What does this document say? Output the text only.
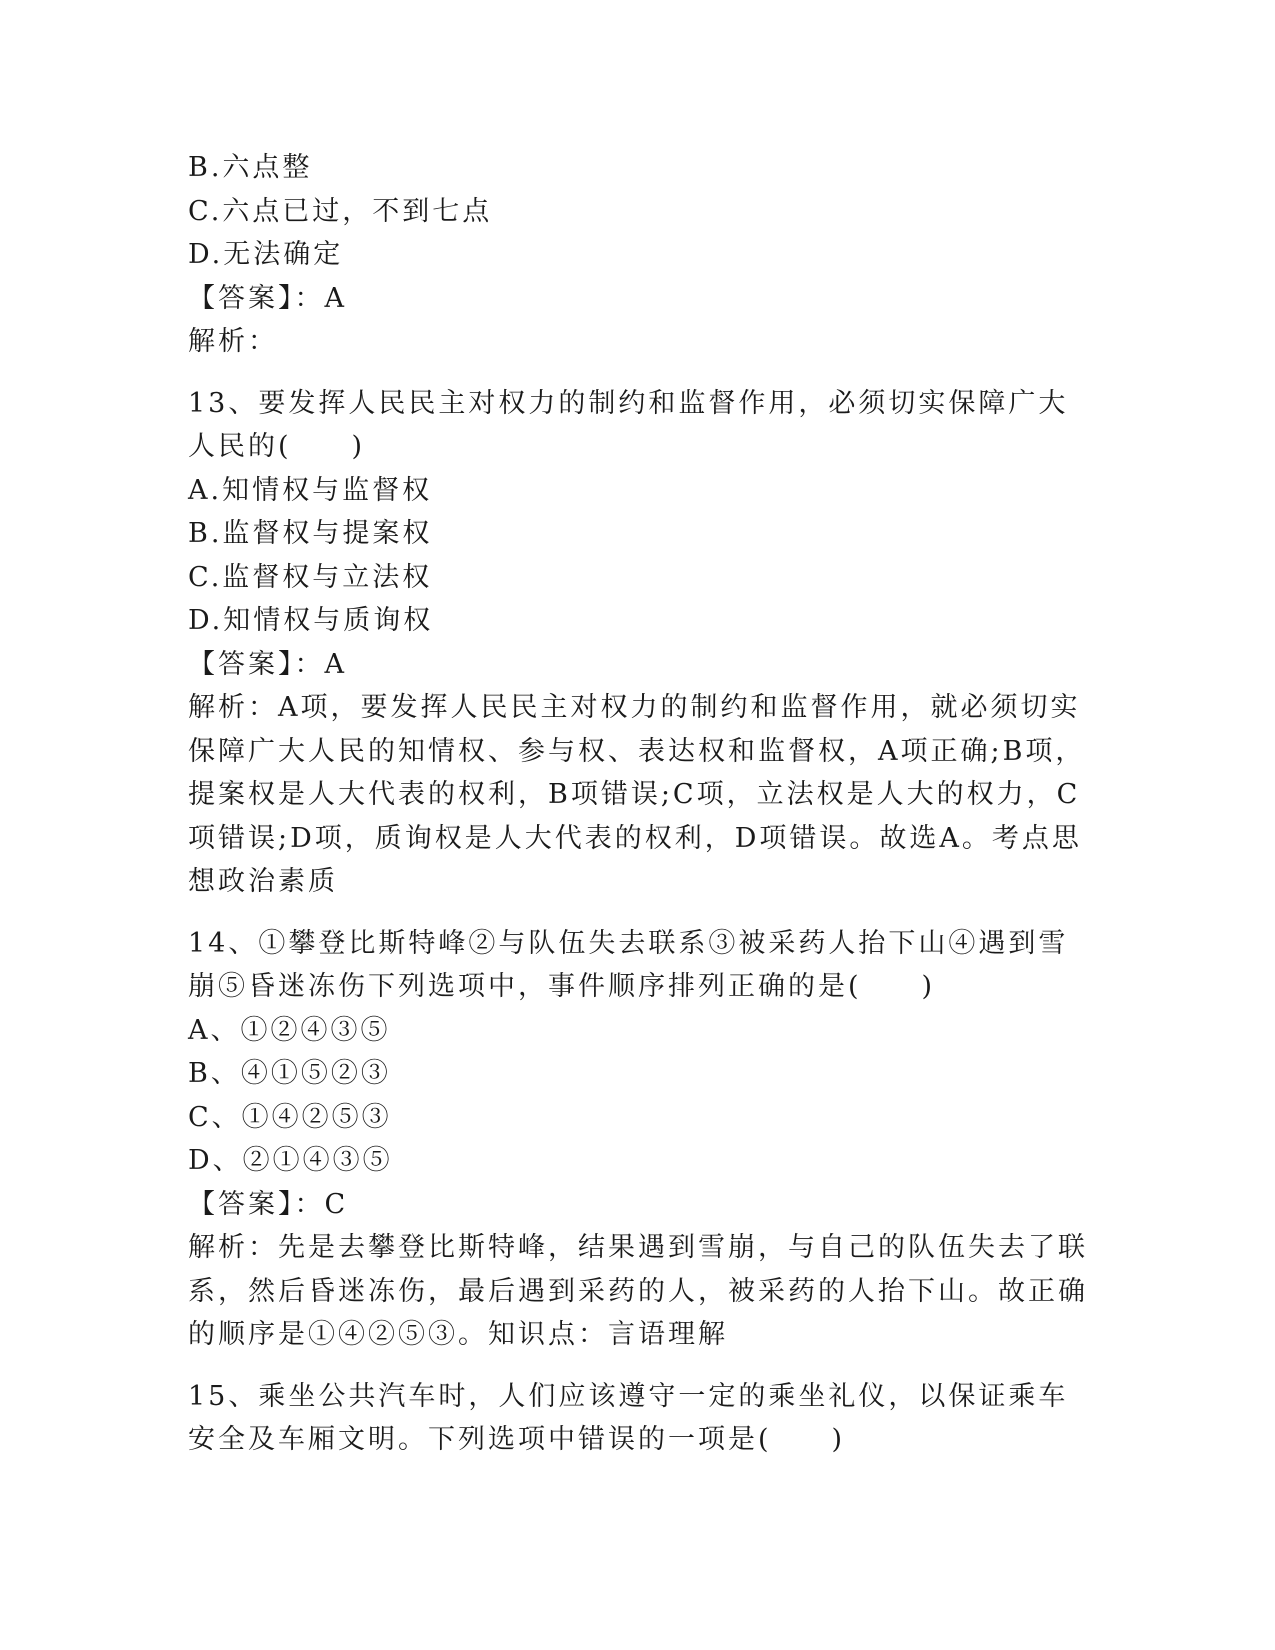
B.六点整
C.六点已过，不到七点
D.无法确定
【答案】：A
解析：

13、要发挥人民民主对权力的制约和监督作用，必须切实保障广大人民的(　　)

A.知情权与监督权
B.监督权与提案权
C.监督权与立法权
D.知情权与质询权
【答案】：A

解析：A项，要发挥人民民主对权力的制约和监督作用，就必须切实保障广大人民的知情权、参与权、表达权和监督权，A项正确;B项，提案权是人大代表的权利，B项错误;C项，立法权是人大的权力，C项错误;D项，质询权是人大代表的权利，D项错误。故选A。考点思想政治素质

14、①攀登比斯特峰②与队伍失去联系③被采药人抬下山④遇到雪崩⑤昏迷冻伤下列选项中，事件顺序排列正确的是(　　)

A、①②④③⑤
B、④①⑤②③
C、①④②⑤③
D、②①④③⑤
【答案】：C

解析：先是去攀登比斯特峰，结果遇到雪崩，与自己的队伍失去了联系，然后昏迷冻伤，最后遇到采药的人，被采药的人抬下山。故正确的顺序是①④②⑤③。知识点：言语理解

15、乘坐公共汽车时，人们应该遵守一定的乘坐礼仪，以保证乘车安全及车厢文明。下列选项中错误的一项是(　　)
